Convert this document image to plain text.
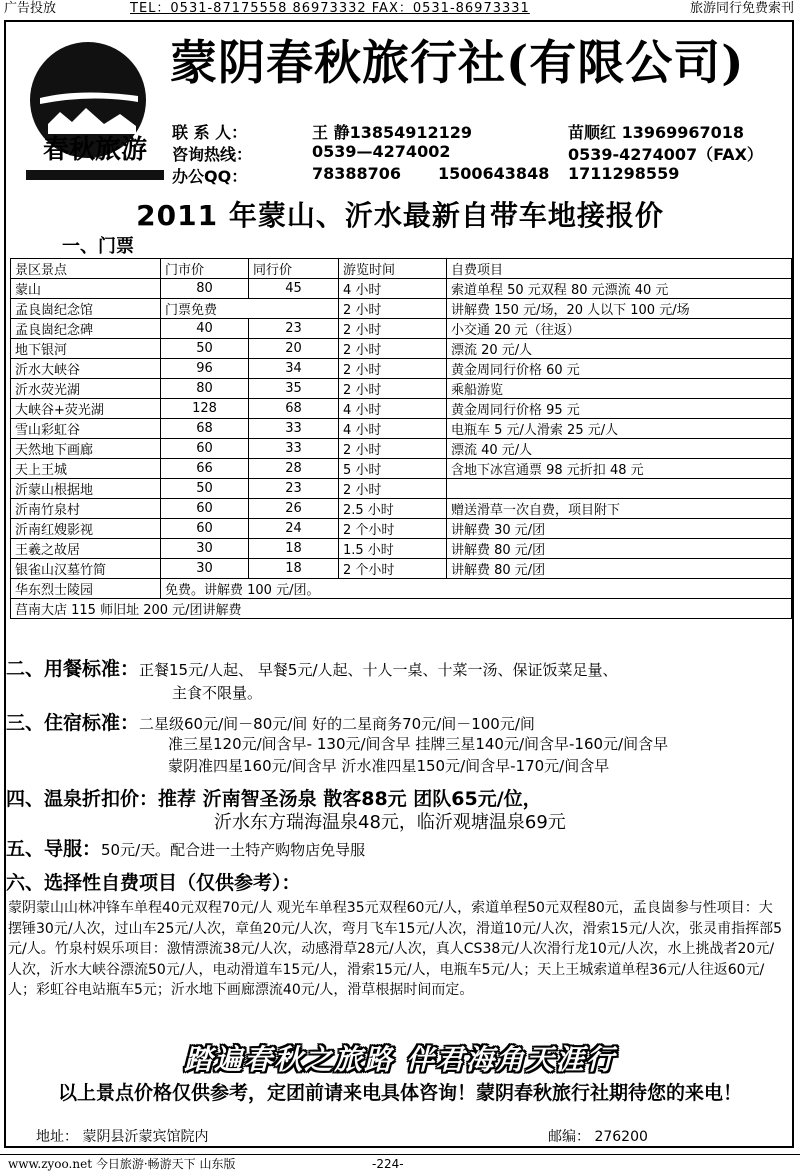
广告投放	TEL：0531-87175558 86973332 FAX：0531-86973331	旅游同行免费索刊
春秋旅游
蒙阴春秋旅行社(有限公司)
联 系 人：	王 静13854912129	苗顺红 13969967018
咨询热线：	0539—4274002	0539-4274007（FAX）
办公QQ：	78388706 1500643848 1711298559
2011 年蒙山、沂水最新自带车地接报价
一、门票
景区景点	门市价	同行价	游览时间	自费项目
蒙山	80	45	4 小时	索道单程 50 元双程 80 元漂流 40 元
孟良崮纪念馆	门票免费		2 小时	讲解费 150 元/场，20 人以下 100 元/场
孟良崮纪念碑	40	23	2 小时	小交通 20 元（往返）
地下银河	50	20	2 小时	漂流 20 元/人
沂水大峡谷	96	34	2 小时	黄金周同行价格 60 元
沂水荧光湖	80	35	2 小时	乘船游览
大峡谷+荧光湖	128	68	4 小时	黄金周同行价格 95 元
雪山彩虹谷	68	33	4 小时	电瓶车 5 元/人滑索 25 元/人
天然地下画廊	60	33	2 小时	漂流 40 元/人
天上王城	66	28	5 小时	含地下冰宫通票 98 元折扣 48 元
沂蒙山根据地	50	23	2 小时	
沂南竹泉村	60	26	2.5 小时	赠送滑草一次自费，项目附下
沂南红嫂影视	60	24	2 个小时	讲解费 30 元/团
王羲之故居	30	18	1.5 小时	讲解费 80 元/团
银雀山汉墓竹简	30	18	2 个小时	讲解费 80 元/团
华东烈士陵园	免费。讲解费 100 元/团。			
莒南大店 115 师旧址 200 元/团讲解费				
二、用餐标准：正餐15元/人起、 早餐5元/人起、十人一桌、十菜一汤、保证饭菜足量、
主食不限量。
三、住宿标准：二星级60元/间－80元/间 好的二星商务70元/间－100元/间
准三星120元/间含早- 130元/间含早 挂牌三星140元/间含早-160元/间含早
蒙阴准四星160元/间含早 沂水准四星150元/间含早-170元/间含早
四、温泉折扣价：推荐 沂南智圣汤泉 散客88元 团队65元/位，
沂水东方瑞海温泉48元，临沂观塘温泉69元
五、导服：50元/天。配合进一土特产购物店免导服
六、选择性自费项目（仅供参考）：
蒙阴蒙山山林冲锋车单程40元双程70元/人 观光车单程35元双程60元/人，索道单程50元双程80元，孟良崮参与性项目：大摆锤30元/人次，过山车25元/人次，章鱼20元/人次，弯月飞车15元/人次，滑道10元/人次，滑索15元/人次，张灵甫指挥部5元/人。竹泉村娱乐项目：激情漂流38元/人次，动感滑草28元/人次，真人CS38元/人次滑行龙10元/人次，水上挑战者20元/人次，沂水大峡谷漂流50元/人，电动滑道车15元/人，滑索15元/人，电瓶车5元/人；天上王城索道单程36元/人往返60元/人；彩虹谷电站瓶车5元；沂水地下画廊漂流40元/人，滑草根据时间而定。
踏遍春秋之旅路 伴君海角天涯行
以上景点价格仅供参考，定团前请来电具体咨询！蒙阴春秋旅行社期待您的来电！
地址： 蒙阴县沂蒙宾馆院内	邮编： 276200
www.zyoo.net 今日旅游·畅游天下 山东版	-224-
